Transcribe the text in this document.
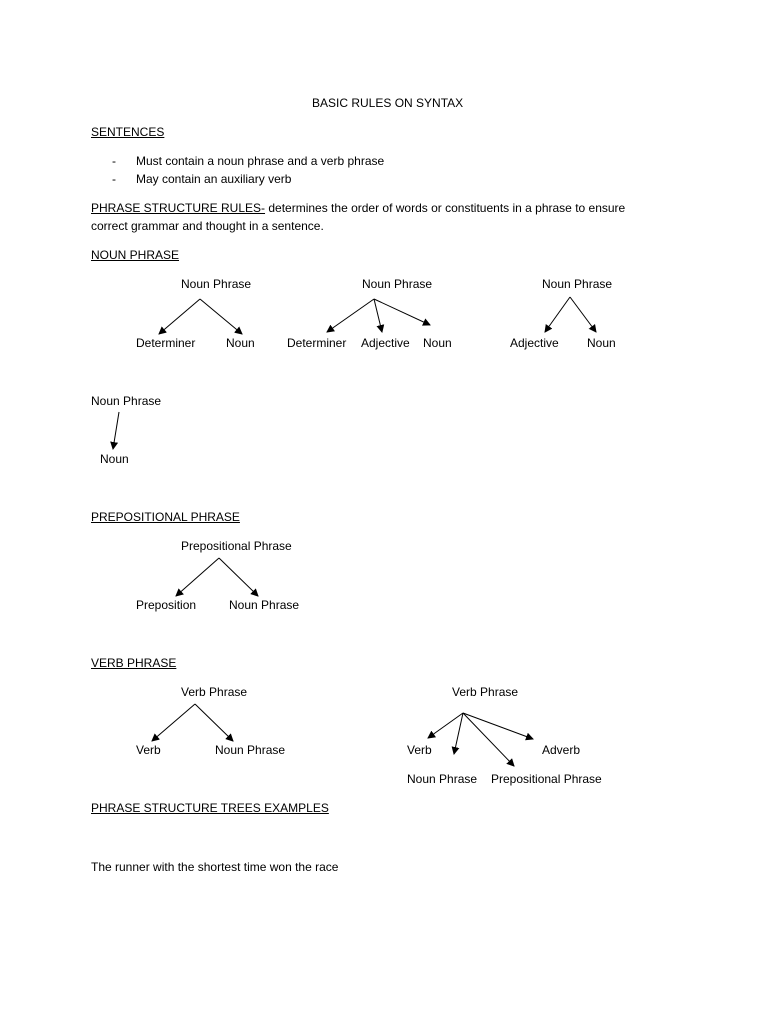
BASIC RULES ON SYNTAX
SENTENCES
- Must contain a noun phrase and a verb phrase
- May contain an auxiliary verb
PHRASE STRUCTURE RULES- determines the order of words or constituents in a phrase to ensure
correct grammar and thought in a sentence.
NOUN PHRASE
Noun Phrase
Determiner	Noun
Noun Phrase
Determiner Adjective Noun
Noun Phrase
Adjective Noun
Noun Phrase
Noun
PREPOSITIONAL PHRASE
Prepositional Phrase
Preposition	Noun Phrase
VERB PHRASE
Verb Phrase
Verb	Noun Phrase
Verb Phrase
Verb
Noun Phrase Prepositional Phrase
Adverb
PHRASE STRUCTURE TREES EXAMPLES
The runner with the shortest time won the race
